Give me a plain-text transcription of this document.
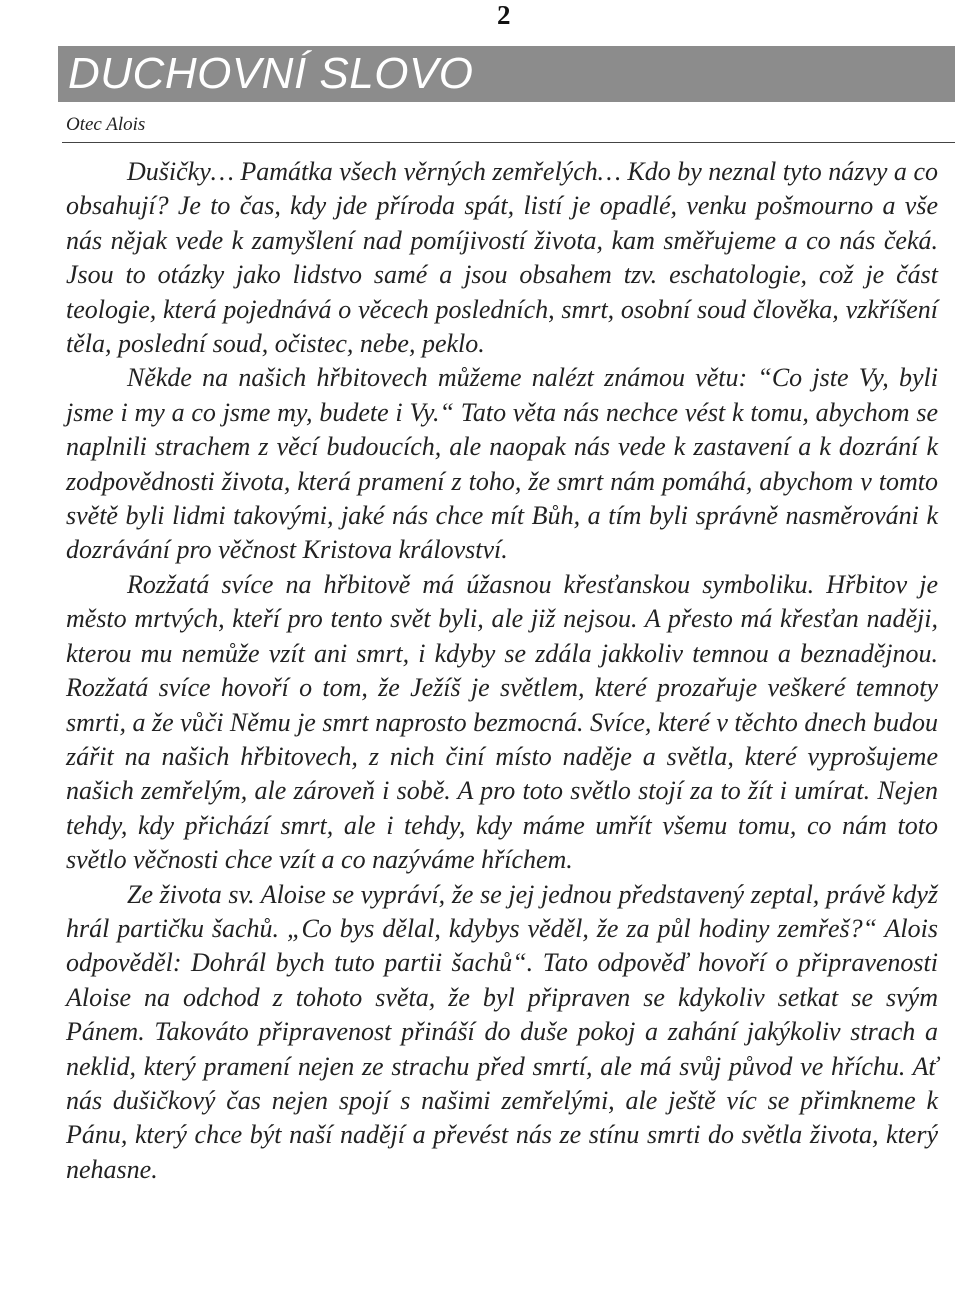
2
DUCHOVNÍ SLOVO
Otec Alois

Dušičky… Památka všech věrných zemřelých… Kdo by neznal tyto názvy a co obsahují? Je to čas, kdy jde příroda spát, listí je opadlé, venku pošmourno a vše nás nějak vede k zamyšlení nad pomíjivostí života, kam směřujeme a co nás čeká. Jsou to otázky jako lidstvo samé a jsou obsahem tzv. eschatologie, což je část teologie, která pojednává o věcech posledních, smrt, osobní soud člověka, vzkříšení těla, poslední soud, očistec, nebe, peklo.

Někde na našich hřbitovech můžeme nalézt známou větu: “Co jste Vy, byli jsme i my a co jsme my, budete i Vy.“ Tato věta nás nechce vést k tomu, abychom se naplnili strachem z věcí budoucích, ale naopak nás vede k zastavení a k dozrání k zodpovědnosti života, která pramení z toho, že smrt nám pomáhá, abychom v tomto světě byli lidmi takovými, jaké nás chce mít Bůh, a tím byli správně nasměrováni k dozrávání pro věčnost Kristova království.

Rozžatá svíce na hřbitově má úžasnou křesťanskou symboliku. Hřbitov je město mrtvých, kteří pro tento svět byli, ale již nejsou. A přesto má křesťan naději, kterou mu nemůže vzít ani smrt, i kdyby se zdála jakkoliv temnou a beznadějnou. Rozžatá svíce hovoří o tom, že Ježíš je světlem, které prozařuje veškeré temnoty smrti, a že vůči Němu je smrt naprosto bezmocná. Svíce, které v těchto dnech budou zářit na našich hřbitovech, z nich činí místo naděje a světla, které vyprošujeme našich zemřelým, ale zároveň i sobě. A pro toto světlo stojí za to žít i umírat. Nejen tehdy, kdy přichází smrt, ale i tehdy, kdy máme umřít všemu tomu, co nám toto světlo věčnosti chce vzít a co nazýváme hříchem.

Ze života sv. Aloise se vypráví, že se jej jednou představený zeptal, právě když hrál partičku šachů. „Co bys dělal, kdybys věděl, že za půl hodiny zemřeš?“ Alois odpověděl: Dohrál bych tuto partii šachů“. Tato odpověď hovoří o připravenosti Aloise na odchod z tohoto světa, že byl připraven se kdykoliv setkat se svým Pánem. Takováto připravenost přináší do duše pokoj a zahání jakýkoliv strach a neklid, který pramení nejen ze strachu před smrtí, ale má svůj původ ve hříchu. Ať nás dušičkový čas nejen spojí s našimi zemřelými, ale ještě víc se přimkneme k Pánu, který chce být naší nadějí a převést nás ze stínu smrti do světla života, který nehasne.
